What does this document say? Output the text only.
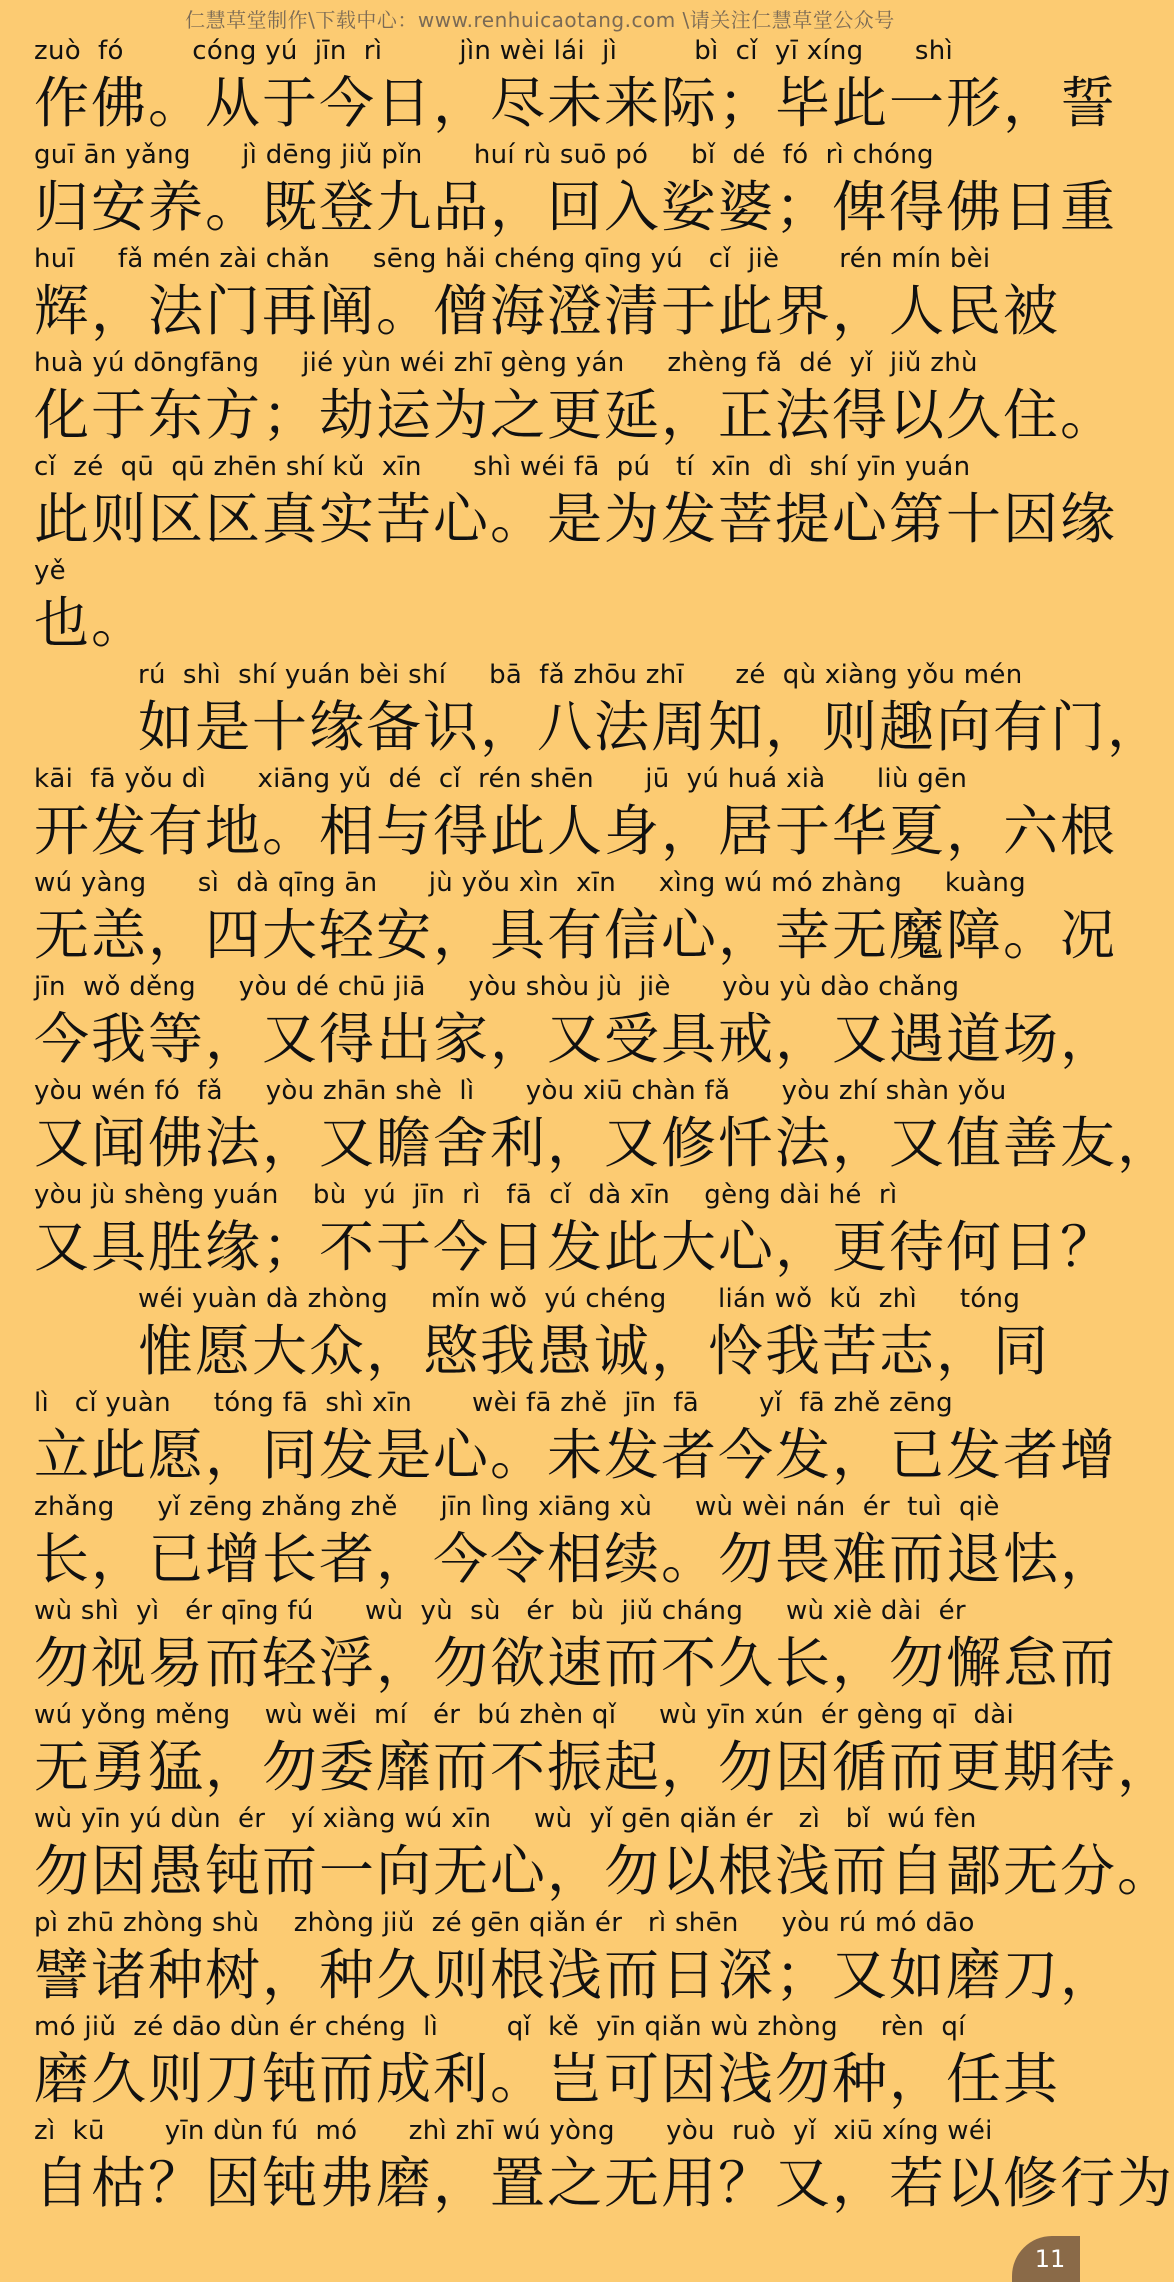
仁慧草堂制作\下载中心：www.renhuicaotang.com \请关注仁慧草堂公众号
zuò  fó        cóng yú  jīn  rì         jìn wèi lái  jì         bì  cǐ  yī xíng      shì
作佛。从于今日，尽未来际；毕此一形，誓
guī ān yǎng      jì dēng jiǔ pǐn      huí rù suō pó     bǐ  dé  fó  rì chóng
归安养。既登九品，回入娑婆；俾得佛日重
huī     fǎ mén zài chǎn     sēng hǎi chéng qīng yú   cǐ  jiè       rén mín bèi
辉，法门再阐。僧海澄清于此界，人民被
huà yú dōngfāng     jié yùn wéi zhī gèng yán     zhèng fǎ  dé  yǐ  jiǔ zhù
化于东方；劫运为之更延，正法得以久住。
cǐ  zé  qū  qū zhēn shí kǔ  xīn      shì wéi fā  pú   tí  xīn  dì  shí yīn yuán
此则区区真实苦心。是为发菩提心第十因缘
yě
也。
rú  shì  shí yuán bèi shí     bā  fǎ zhōu zhī      zé  qù xiàng yǒu mén
如是十缘备识，八法周知，则趣向有门，
kāi  fā yǒu dì      xiāng yǔ  dé  cǐ  rén shēn      jū  yú huá xià      liù gēn
开发有地。相与得此人身，居于华夏，六根
wú yàng      sì  dà qīng ān      jù yǒu xìn  xīn     xìng wú mó zhàng     kuàng
无恙，四大轻安，具有信心，幸无魔障。况
jīn  wǒ děng     yòu dé chū jiā     yòu shòu jù  jiè      yòu yù dào chǎng
今我等，又得出家，又受具戒，又遇道场，
yòu wén fó  fǎ     yòu zhān shè  lì      yòu xiū chàn fǎ      yòu zhí shàn yǒu
又闻佛法，又瞻舍利，又修忏法，又值善友，
yòu jù shèng yuán    bù  yú  jīn  rì   fā  cǐ  dà xīn    gèng dài hé  rì
又具胜缘；不于今日发此大心，更待何日？
wéi yuàn dà zhòng     mǐn wǒ  yú chéng      lián wǒ  kǔ  zhì     tóng
惟愿大众，愍我愚诚，怜我苦志，同
lì   cǐ yuàn     tóng fā  shì xīn       wèi fā zhě  jīn  fā       yǐ  fā zhě zēng
立此愿，同发是心。未发者今发，已发者增
zhǎng     yǐ zēng zhǎng zhě     jīn lìng xiāng xù     wù wèi nán  ér  tuì  qiè
长，已增长者，今令相续。勿畏难而退怯，
wù shì  yì   ér qīng fú      wù  yù  sù   ér  bù  jiǔ cháng     wù xiè dài  ér
勿视易而轻浮，勿欲速而不久长，勿懈怠而
wú yǒng měng    wù wěi  mí   ér  bú zhèn qǐ     wù yīn xún  ér gèng qī  dài
无勇猛，勿委靡而不振起，勿因循而更期待，
wù yīn yú dùn  ér   yí xiàng wú xīn     wù  yǐ gēn qiǎn ér   zì   bǐ  wú fèn
勿因愚钝而一向无心，勿以根浅而自鄙无分。
pì zhū zhòng shù    zhòng jiǔ  zé gēn qiǎn ér   rì shēn     yòu rú mó dāo
譬诸种树，种久则根浅而日深；又如磨刀，
mó jiǔ  zé dāo dùn ér chéng  lì        qǐ  kě  yīn qiǎn wù zhòng     rèn  qí
磨久则刀钝而成利。岂可因浅勿种，任其
zì  kū       yīn dùn fú  mó      zhì zhī wú yòng      yòu  ruò  yǐ  xiū xíng wéi
自枯？因钝弗磨，置之无用？又，若以修行为
11
